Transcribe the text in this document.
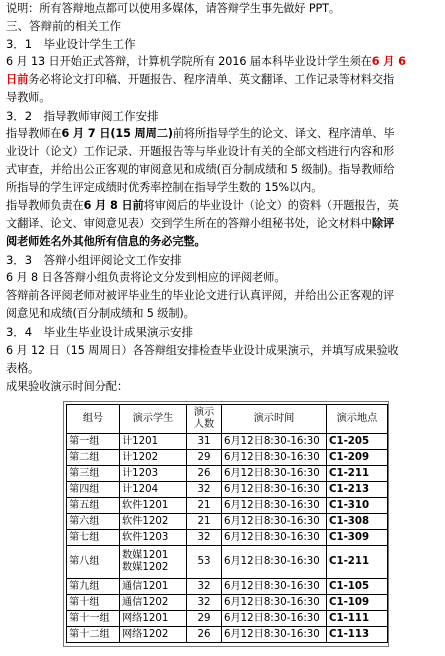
说明：所有答辩地点都可以使用多媒体，请答辩学生事先做好 PPT。
三、答辩前的相关工作
3．1　毕业设计学生工作
6 月 13 日开始正式答辩，计算机学院所有 2016 届本科毕业设计学生须在6 月 6
日前务必将论文打印稿、开题报告、程序清单、英文翻译、工作记录等材料交指
导教师。
3．2　指导教师审阅工作安排
指导教师在6 月 7 日(15 周周二)前将所指导学生的论文、译文、程序清单、毕
业设计（论文）工作记录、开题报告等与毕业设计有关的全部文档进行内容和形
式审查，并给出公正客观的审阅意见和成绩(百分制成绩和 5 级制)。指导教师给
所指导的学生评定成绩时优秀率控制在指导学生数的 15%以内。
指导教师负责在6 月 8 日前将审阅后的毕业设计（论文）的资料（开题报告，英
文翻译、论文、审阅意见表）交到学生所在的答辩小组秘书处，论文材料中除评
阅老师姓名外其他所有信息的务必完整。
3．3　答辩小组评阅论文工作安排
6 月 8 日各答辩小组负责将论文分发到相应的评阅老师。
答辩前各评阅老师对被评毕业生的毕业论文进行认真评阅，并给出公正客观的评
阅意见和成绩(百分制成绩和 5 级制)。
3．4　毕业生毕业设计成果演示安排
6 月 12 日（15 周周日）各答辩组安排检查毕业设计成果演示，并填写成果验收
表格。
成果验收演示时间分配：
组号	演示学生	演示人数	演示时间	演示地点
第一组	计1201	31	6月12日8:30-16:30	C1-205
第二组	计1202	29	6月12日8:30-16:30	C1-209
第三组	计1203	26	6月12日8:30-16:30	C1-211
第四组	计1204	32	6月12日8:30-16:30	C1-213
第五组	软件1201	21	6月12日8:30-16:30	C1-310
第六组	软件1202	21	6月12日8:30-16:30	C1-308
第七组	软件1203	32	6月12日8:30-16:30	C1-309
第八组	数媒1201
数媒1202	53	6月12日8:30-16:30	C1-211
第九组	通信1201	32	6月12日8:30-16:30	C1-105
第十组	通信1202	32	6月12日8:30-16:30	C1-109
第十一组	网络1201	29	6月12日8:30-16:30	C1-111
第十二组	网络1202	26	6月12日8:30-16:30	C1-113
